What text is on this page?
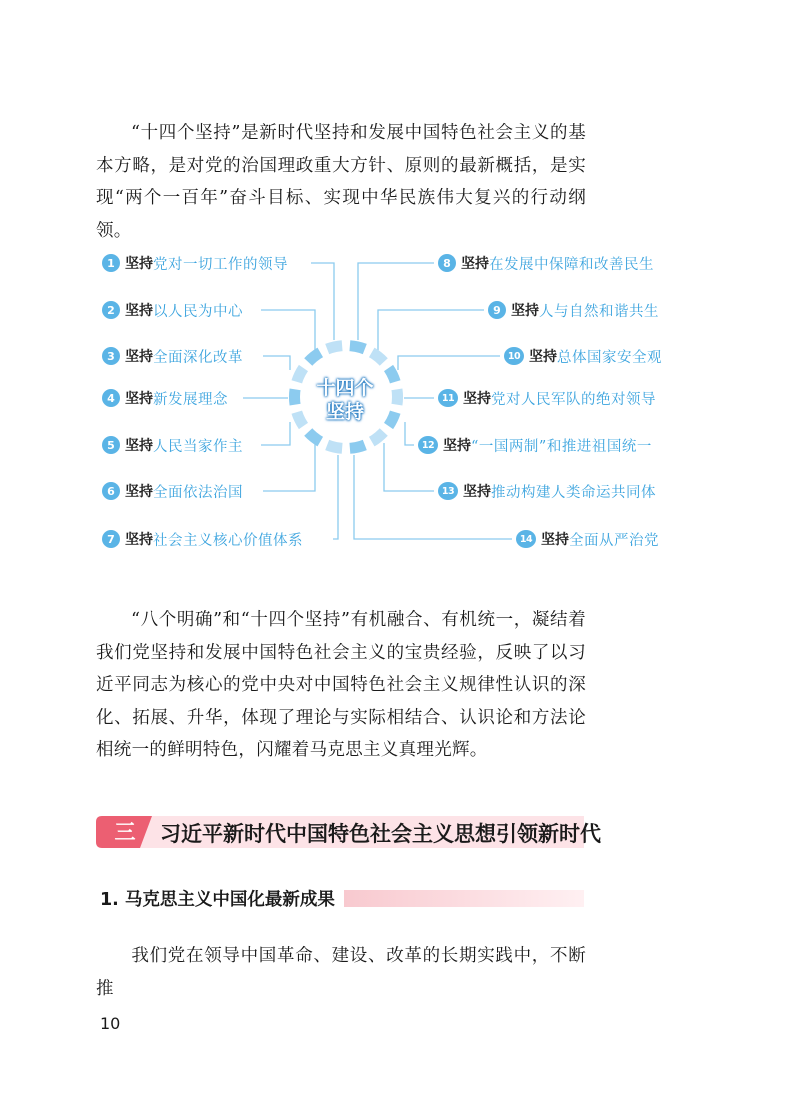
“十四个坚持”是新时代坚持和发展中国特色社会主义的基本方略，是对党的治国理政重大方针、原则的最新概括，是实现“两个一百年”奋斗目标、实现中华民族伟大复兴的行动纲领。

十四个
坚持
1 坚持 党对一切工作的领导
2 坚持 以人民为中心
3 坚持 全面深化改革
4 坚持 新发展理念
5 坚持 人民当家作主
6 坚持 全面依法治国
7 坚持 社会主义核心价值体系
8 坚持 在发展中保障和改善民生
9 坚持 人与自然和谐共生
10 坚持 总体国家安全观
11 坚持 党对人民军队的绝对领导
12 坚持 “一国两制”和推进祖国统一
13 坚持 推动构建人类命运共同体
14 坚持 全面从严治党

“八个明确”和“十四个坚持”有机融合、有机统一，凝结着我们党坚持和发展中国特色社会主义的宝贵经验，反映了以习近平同志为核心的党中央对中国特色社会主义规律性认识的深化、拓展、升华，体现了理论与实际相结合、认识论和方法论相统一的鲜明特色，闪耀着马克思主义真理光辉。

三	习近平新时代中国特色社会主义思想引领新时代
1. 马克思主义中国化最新成果

我们党在领导中国革命、建设、改革的长期实践中，不断推

10
